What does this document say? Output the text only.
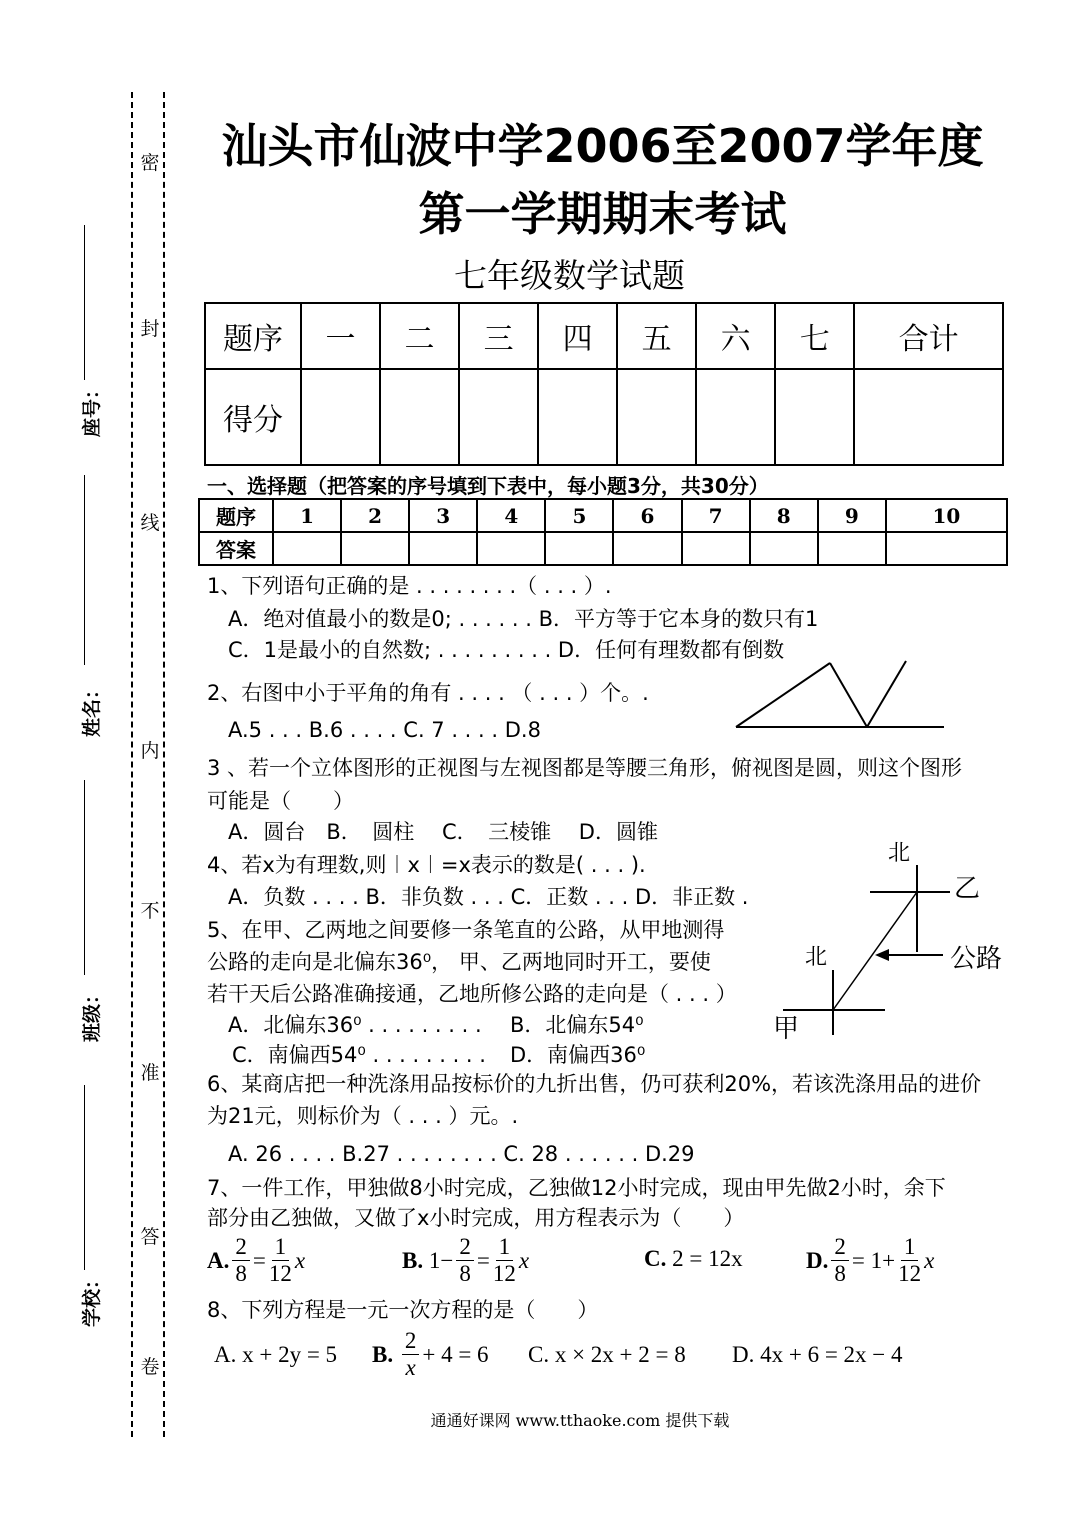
密
封
线
内
不
准
答
卷
座号：
姓名：
班级：
学校：
汕头市仙波中学2006至2007学年度
第一学期期末考试
七年级数学试题
题序	一	二	三	四	五	六	七	合计
得分								
一、选择题（把答案的序号填到下表中，每小题3分，共30分）
题序	1	2	3	4	5	6	7	8	9	10
答案										
1、下列语句正确的是 . . . . . . . .（ . . . ）.
A．绝对值最小的数是0; . . . . . . B．平方等于它本身的数只有1
C．1是最小的自然数; . . . . . . . . . D．任何有理数都有倒数
2、右图中小于平角的角有 . . . . （ . . . ）个。.
A.5 . . . B.6 . . . . C. 7 . . . . D.8
3 、若一个立体图形的正视图与左视图都是等腰三角形，俯视图是圆，则这个图形
可能是（　　）
A．圆台　B．　圆柱　 C．　三棱锥　 D．圆锥
4、若x为有理数,则︱x︱=x表示的数是( . . . ).
A．负数 . . . . B．非负数 . . . C．正数 . . . D．非正数 .
5、在甲、乙两地之间要修一条笔直的公路，从甲地测得
公路的走向是北偏东36⁰， 甲、乙两地同时开工，要使
若干天后公路准确接通，乙地所修公路的走向是（ . . . ）
A．北偏东36⁰ . . . . . . . . . B．北偏东54⁰
C．南偏西54⁰ . . . . . . . . . D．南偏西36⁰
北
乙
公路
北
甲
6、某商店把一种洗涤用品按标价的九折出售，仍可获利20%，若该洗涤用品的进价
为21元，则标价为（ . . . ）元。.
A. 26 . . . . B.27 . . . . . . . . C. 28 . . . . . . D.29
7、一件工作，甲独做8小时完成，乙独做12小时完成，现由甲先做2小时，余下
部分由乙独做，又做了x小时完成，用方程表示为（　　）
A. $\frac{2}{8} = \frac{1}{12}$ x	B.
$1- \frac{2}{8} = \frac{1}{12}$ x	C.
2 = 12x	D. $\frac{2}{8} = 1+ \frac{1}{12}$ x
8、下列方程是一元一次方程的是（　　）
A. x + 2y = 5 B.
$\frac{2}{x} + 4 = 6$ C. x × 2x + 2 = 8 D. 4x + 6 = 2x − 4
通通好课网 www.tthaoke.com 提供下载
